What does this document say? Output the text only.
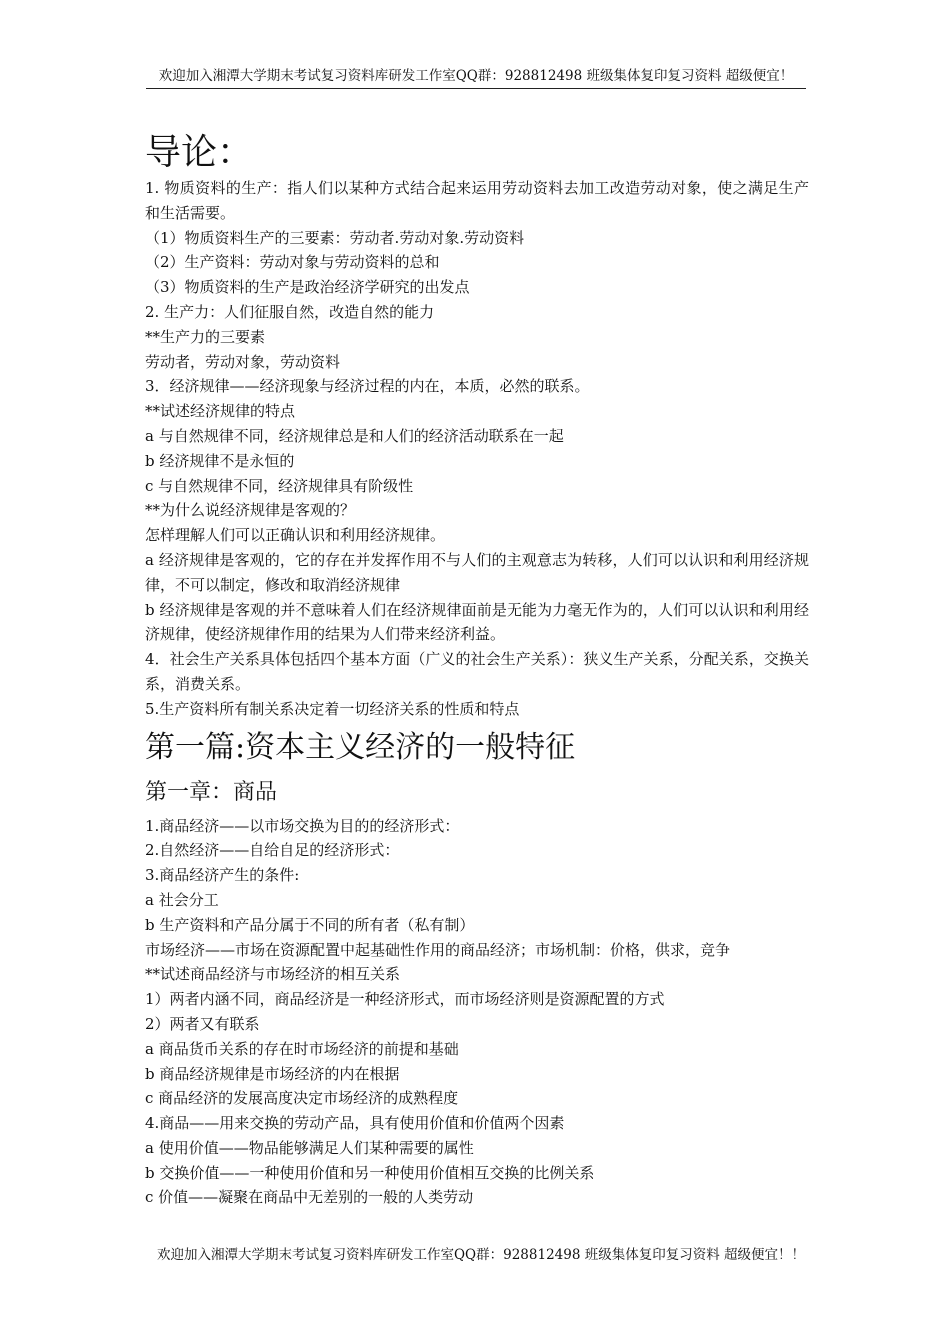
欢迎加入湘潭大学期末考试复习资料库研发工作室QQ群：928812498 班级集体复印复习资料 超级便宜！
导论：

1. 物质资料的生产：指人们以某种方式结合起来运用劳动资料去加工改造劳动对象，使之满足生产和生活需要。

（1）物质资料生产的三要素：劳动者.劳动对象.劳动资料

（2）生产资料：劳动对象与劳动资料的总和

（3）物质资料的生产是政治经济学研究的出发点

2. 生产力：人们征服自然，改造自然的能力

**生产力的三要素

劳动者，劳动对象，劳动资料

3．经济规律——经济现象与经济过程的内在，本质，必然的联系。

**试述经济规律的特点

a 与自然规律不同，经济规律总是和人们的经济活动联系在一起

b 经济规律不是永恒的

c 与自然规律不同，经济规律具有阶级性

**为什么说经济规律是客观的？

怎样理解人们可以正确认识和利用经济规律。

a 经济规律是客观的，它的存在并发挥作用不与人们的主观意志为转移，人们可以认识和利用经济规律，不可以制定，修改和取消经济规律

b 经济规律是客观的并不意味着人们在经济规律面前是无能为力毫无作为的，人们可以认识和利用经济规律，使经济规律作用的结果为人们带来经济利益。

4．社会生产关系具体包括四个基本方面（广义的社会生产关系）：狭义生产关系，分配关系，交换关系，消费关系。

5.生产资料所有制关系决定着一切经济关系的性质和特点

第一篇:资本主义经济的一般特征
第一章：商品

1.商品经济——以市场交换为目的的经济形式：

2.自然经济——自给自足的经济形式：

3.商品经济产生的条件:

a 社会分工

b 生产资料和产品分属于不同的所有者（私有制）

市场经济——市场在资源配置中起基础性作用的商品经济；市场机制：价格，供求，竞争

**试述商品经济与市场经济的相互关系

1）两者内涵不同，商品经济是一种经济形式，而市场经济则是资源配置的方式

2）两者又有联系

a 商品货币关系的存在时市场经济的前提和基础

b 商品经济规律是市场经济的内在根据

c 商品经济的发展高度决定市场经济的成熟程度

4.商品——用来交换的劳动产品，具有使用价值和价值两个因素

a 使用价值——物品能够满足人们某种需要的属性

b 交换价值——一种使用价值和另一种使用价值相互交换的比例关系

c 价值——凝聚在商品中无差别的一般的人类劳动

欢迎加入湘潭大学期末考试复习资料库研发工作室QQ群：928812498 班级集体复印复习资料 超级便宜！！
